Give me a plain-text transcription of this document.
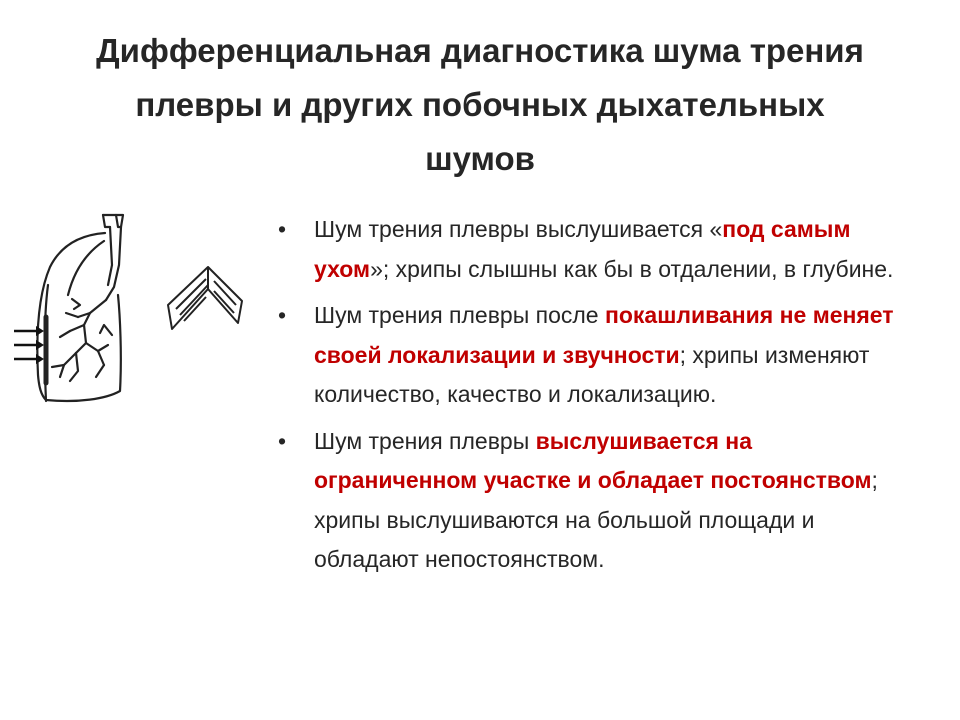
Дифференциальная диагностика шума трения плевры и других побочных дыхательных шумов
• Шум трения плевры выслушивается «под самым ухом»; хрипы слышны как бы в отдалении, в глубине.
• Шум трения плевры после покашливания не меняет своей локализации и звучности; хрипы изменяют количество, качество и локализацию.
• Шум трения плевры выслушивается на ограниченном участке и обладает постоянством; хрипы выслушиваются на большой площади и обладают непостоянством.
